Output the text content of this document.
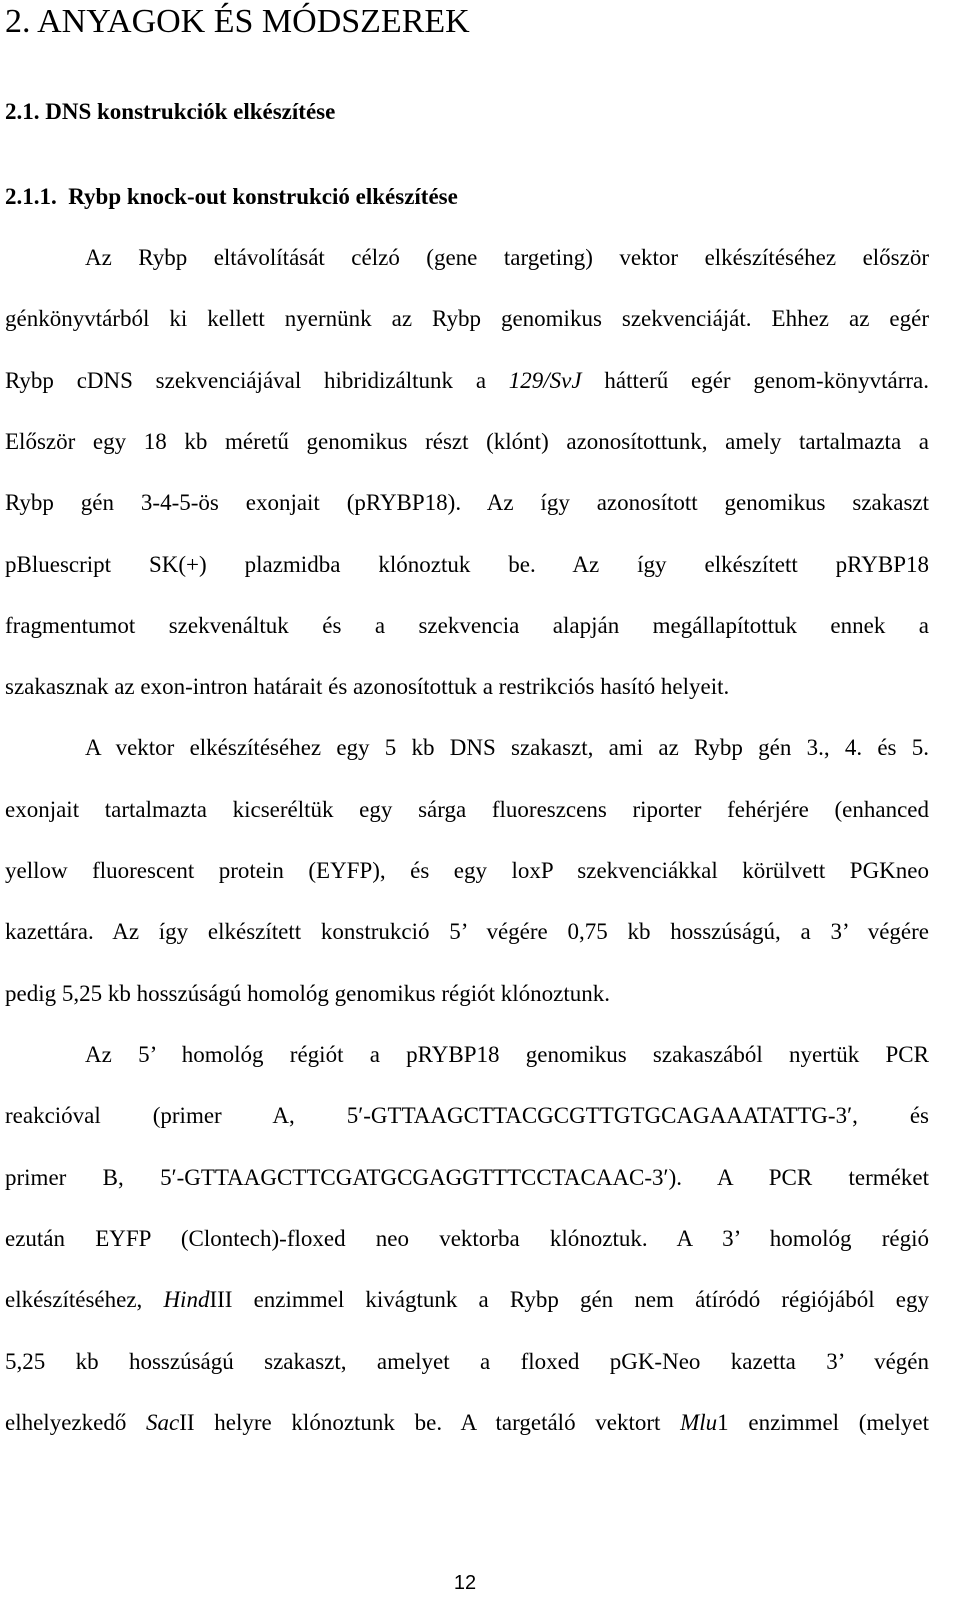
2. ANYAGOK ÉS MÓDSZEREK
2.1. DNS konstrukciók elkészítése
2.1.1. Rybp knock-out konstrukció elkészítése
Az Rybp eltávolítását célzó (gene targeting) vektor elkészítéséhez először
génkönyvtárból ki kellett nyernünk az Rybp genomikus szekvenciáját. Ehhez az egér
Rybp cDNS szekvenciájával hibridizáltunk a 129/SvJ hátterű egér genom-könyvtárra.
Először egy 18 kb méretű genomikus részt (klónt) azonosítottunk, amely tartalmazta a
Rybp gén 3-4-5-ös exonjait (pRYBP18). Az így azonosított genomikus szakaszt
pBluescript SK(+) plazmidba klónoztuk be. Az így elkészített pRYBP18
fragmentumot szekvenáltuk és a szekvencia alapján megállapítottuk ennek a
szakasznak az exon-intron határait és azonosítottuk a restrikciós hasító helyeit.
A vektor elkészítéséhez egy 5 kb DNS szakaszt, ami az Rybp gén 3., 4. és 5.
exonjait tartalmazta kicseréltük egy sárga fluoreszcens riporter fehérjére (enhanced
yellow fluorescent protein (EYFP), és egy loxP szekvenciákkal körülvett PGKneo
kazettára. Az így elkészített konstrukció 5’ végére 0,75 kb hosszúságú, a 3’ végére
pedig 5,25 kb hosszúságú homológ genomikus régiót klónoztunk.
Az 5’ homológ régiót a pRYBP18 genomikus szakaszából nyertük PCR
reakcióval (primer A, 5′-GTTAAGCTTACGCGTTGTGCAGAAATATTG-3′, és
primer B, 5′-GTTAAGCTTCGATGCGAGGTTTCCTACAAC-3′). A PCR terméket
ezután EYFP (Clontech)-floxed neo vektorba klónoztuk. A 3’ homológ régió
elkészítéséhez, HindIII enzimmel kivágtunk a Rybp gén nem átíródó régiójából egy
5,25 kb hosszúságú szakaszt, amelyet a floxed pGK-Neo kazetta 3’ végén
elhelyezkedő SacII helyre klónoztunk be. A targetáló vektort Mlu1 enzimmel (melyet
12
